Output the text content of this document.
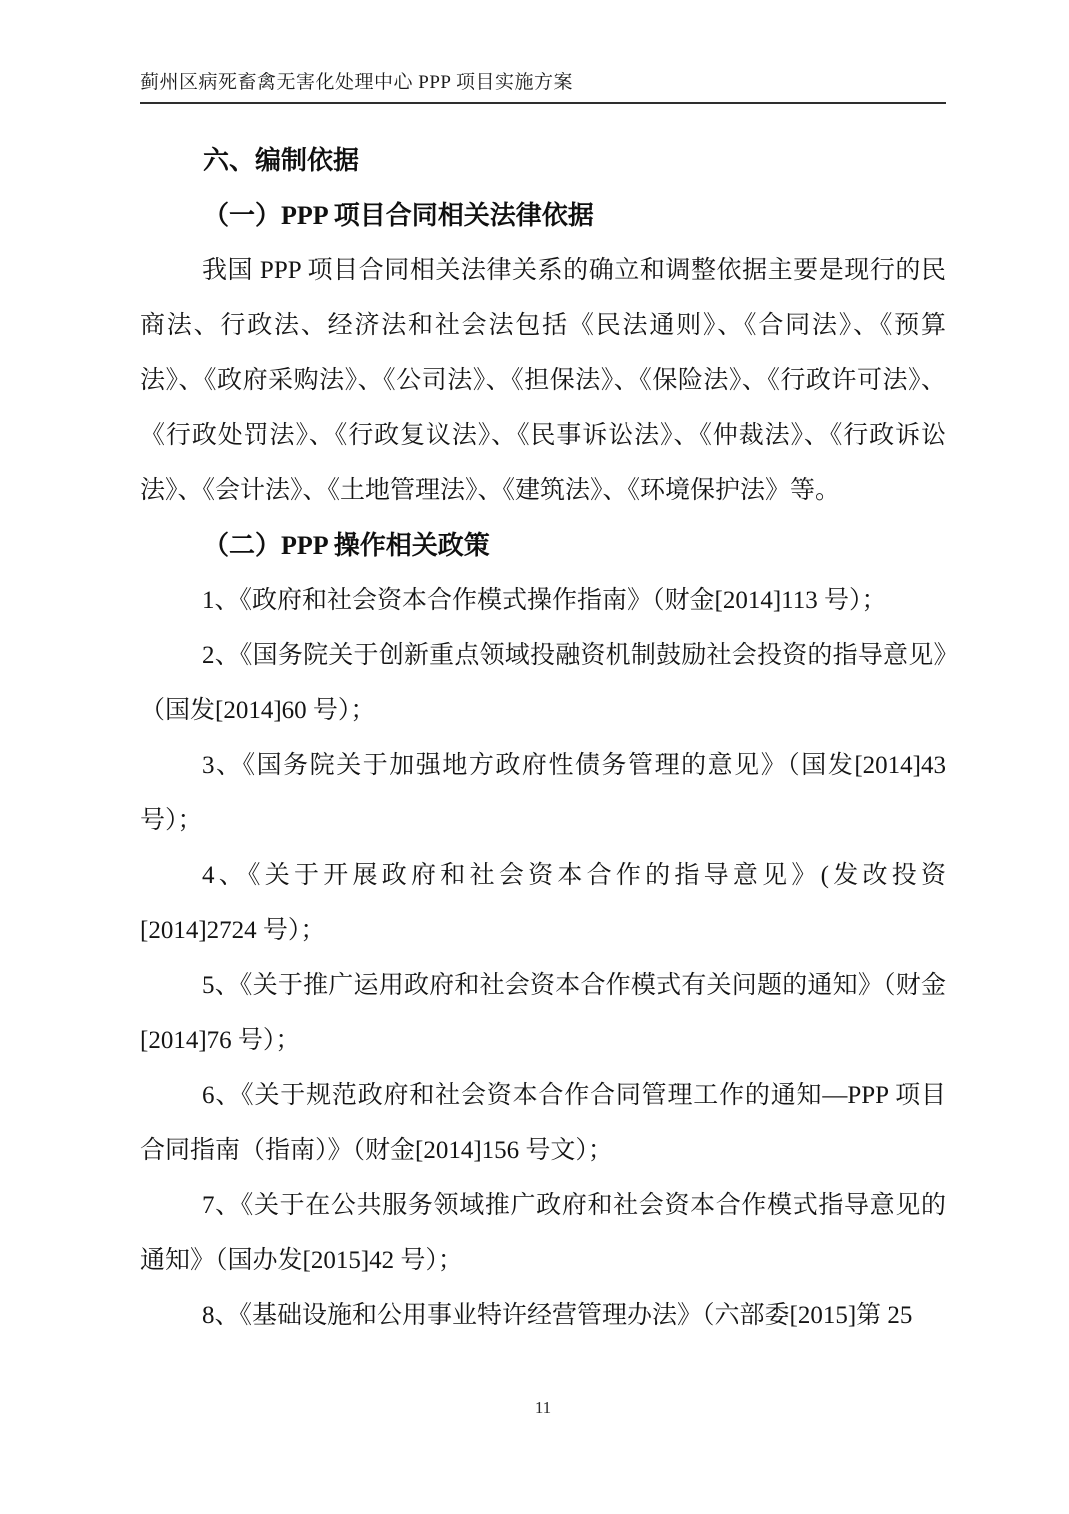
蓟州区病死畜禽无害化处理中心 PPP 项目实施方案
六、编制依据
（一）PPP 项目合同相关法律依据

我国 PPP 项目合同相关法律关系的确立和调整依据主要是现行的民商法、行政法、经济法和社会法包括《民法通则》、《合同法》、《预算法》、《政府采购法》、《公司法》、《担保法》、《保险法》、《行政许可法》、《行政处罚法》、《行政复议法》、《民事诉讼法》、《仲裁法》、《行政诉讼法》、《会计法》、《土地管理法》、《建筑法》、《环境保护法》等。

（二）PPP 操作相关政策

1、《政府和社会资本合作模式操作指南》（财金[2014]113 号）；

2、《国务院关于创新重点领域投融资机制鼓励社会投资的指导意见》（国发[2014]60 号）；

3、《国务院关于加强地方政府性债务管理的意见》（国发[2014]43 号）；

4、《关于开展政府和社会资本合作的指导意见》(发改投资[2014]2724 号）；

5、《关于推广运用政府和社会资本合作模式有关问题的通知》（财金[2014]76 号）；

6、《关于规范政府和社会资本合作合同管理工作的通知—PPP 项目合同指南（指南）》（财金[2014]156 号文）；

7、《关于在公共服务领域推广政府和社会资本合作模式指导意见的通知》（国办发[2015]42 号）；

8、《基础设施和公用事业特许经营管理办法》（六部委[2015]第 25

11
